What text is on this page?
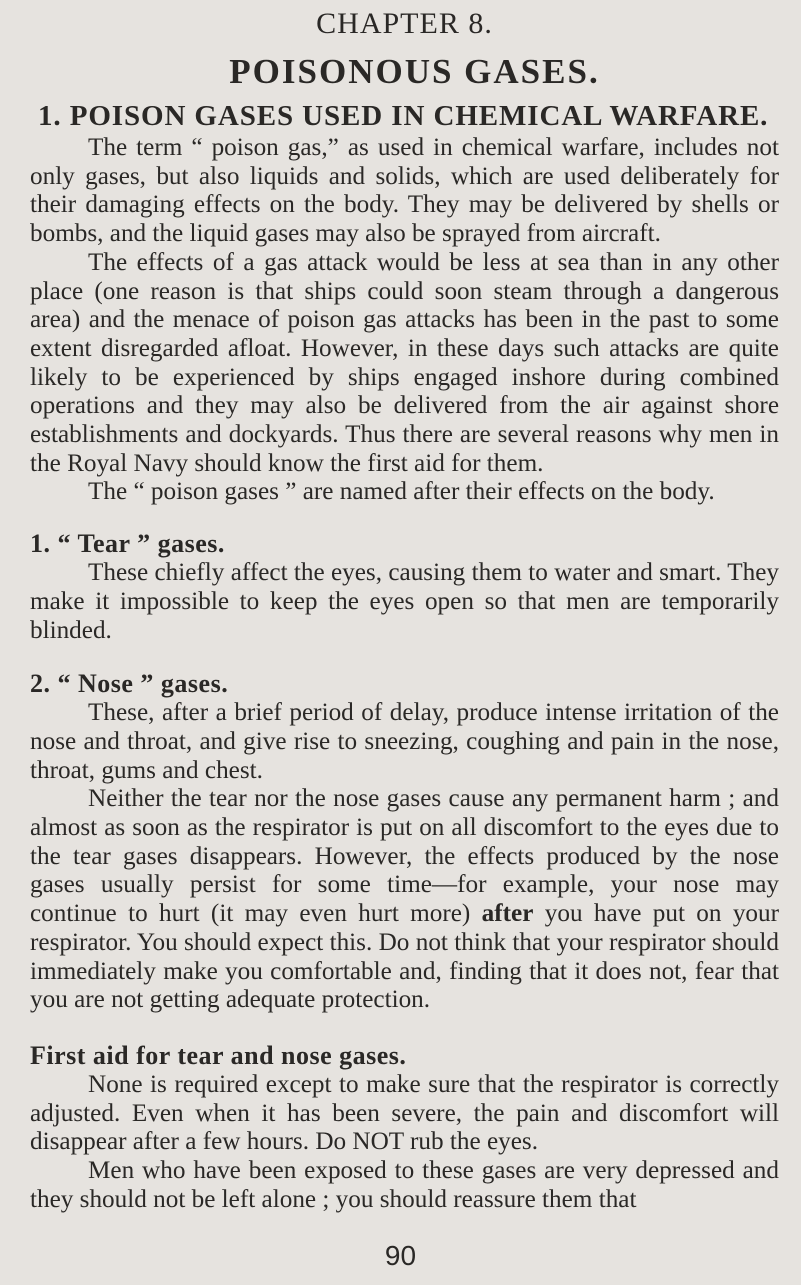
CHAPTER 8.
POISONOUS GASES.
1. POISON GASES USED IN CHEMICAL WARFARE.

The term “ poison gas,” as used in chemical warfare, includes not only gases, but also liquids and solids, which are used deliberately for their damaging effects on the body. They may be delivered by shells or bombs, and the liquid gases may also be sprayed from aircraft.

The effects of a gas attack would be less at sea than in any other place (one reason is that ships could soon steam through a dangerous area) and the menace of poison gas attacks has been in the past to some extent disregarded afloat. However, in these days such attacks are quite likely to be experienced by ships engaged inshore during combined operations and they may also be delivered from the air against shore establishments and dockyards. Thus there are several reasons why men in the Royal Navy should know the first aid for them.

The “ poison gases ” are named after their effects on the body.

1. “ Tear ” gases.

These chiefly affect the eyes, causing them to water and smart. They make it impossible to keep the eyes open so that men are temporarily blinded.

2. “ Nose ” gases.

These, after a brief period of delay, produce intense irritation of the nose and throat, and give rise to sneezing, coughing and pain in the nose, throat, gums and chest.

Neither the tear nor the nose gases cause any permanent harm ; and almost as soon as the respirator is put on all discomfort to the eyes due to the tear gases disappears. However, the effects produced by the nose gases usually persist for some time—for example, your nose may continue to hurt (it may even hurt more) after you have put on your respirator. You should expect this. Do not think that your respirator should immediately make you comfortable and, finding that it does not, fear that you are not getting adequate protection.

First aid for tear and nose gases.

None is required except to make sure that the respirator is correctly adjusted. Even when it has been severe, the pain and discomfort will disappear after a few hours. Do NOT rub the eyes.

Men who have been exposed to these gases are very depressed and they should not be left alone ; you should reassure them that

90
